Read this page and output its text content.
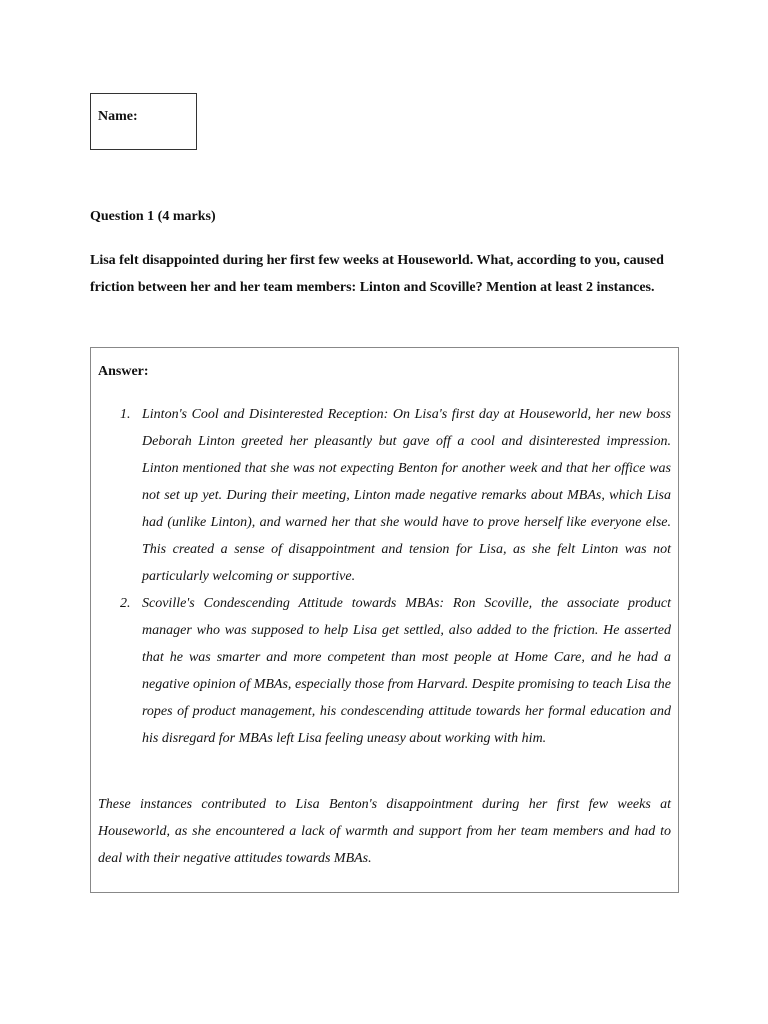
Name:
Question 1 (4 marks)
Lisa felt disappointed during her first few weeks at Houseworld. What, according to you, caused friction between her and her team members: Linton and Scoville? Mention at least 2 instances.
Answer:
1. Linton's Cool and Disinterested Reception: On Lisa's first day at Houseworld, her new boss Deborah Linton greeted her pleasantly but gave off a cool and disinterested impression. Linton mentioned that she was not expecting Benton for another week and that her office was not set up yet. During their meeting, Linton made negative remarks about MBAs, which Lisa had (unlike Linton), and warned her that she would have to prove herself like everyone else. This created a sense of disappointment and tension for Lisa, as she felt Linton was not particularly welcoming or supportive.
2. Scoville's Condescending Attitude towards MBAs: Ron Scoville, the associate product manager who was supposed to help Lisa get settled, also added to the friction. He asserted that he was smarter and more competent than most people at Home Care, and he had a negative opinion of MBAs, especially those from Harvard. Despite promising to teach Lisa the ropes of product management, his condescending attitude towards her formal education and his disregard for MBAs left Lisa feeling uneasy about working with him.
These instances contributed to Lisa Benton's disappointment during her first few weeks at Houseworld, as she encountered a lack of warmth and support from her team members and had to deal with their negative attitudes towards MBAs.
